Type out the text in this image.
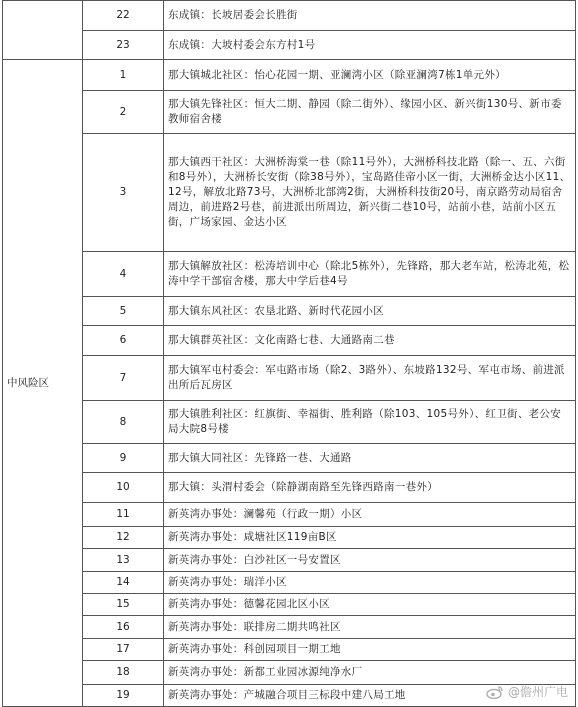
	22	东成镇：长坡居委会长胜街
	23	东成镇：大坡村委会东方村1号
中风险区	1	那大镇城北社区：怡心花园一期、亚澜湾小区（除亚澜湾7栋1单元外）
	2	那大镇先锋社区：恒大二期、静园（除二街外）、缘园小区、新兴街130号、新市委教师宿舍楼
	3	那大镇西干社区：大洲桥海棠一巷（除11号外），大洲桥科技北路（除一、五、六街和8号外），大洲桥长安街（除38号外），宝岛路佳帝小区一街，大洲桥金达小区11、12号，解放北路73号，大洲桥北部湾2街，大洲桥科技街20号，南京路劳动局宿舍周边，前进路2号巷，前进派出所周边，新兴街二巷10号，站前小巷，站前小区五街，广场家园、金达小区
	4	那大镇解放社区：松涛培训中心（除北5栋外），先锋路，那大老车站，松涛北苑，松涛中学干部宿舍楼，那大中学后巷4号
	5	那大镇东风社区：农垦北路、新时代花园小区
	6	那大镇群英社区：文化南路七巷、大通路南二巷
	7	那大镇军屯村委会：军屯路市场（除2、3路外）、东坡路132号、军屯市场、前进派出所后瓦房区
	8	那大镇胜利社区：红旗街、幸福街、胜利路（除103、105号外）、红卫街、老公安局大院8号楼
	9	那大镇大同社区：先锋路一巷、大通路
	10	那大镇：头渭村委会（除静湖南路至先锋西路南一巷外）
	11	新英湾办事处：澜馨苑（行政一期）小区
	12	新英湾办事处：咸塘社区119亩B区
	13	新英湾办事处：白沙社区一号安置区
	14	新英湾办事处：瑞洋小区
	15	新英湾办事处：德馨花园北区小区
	16	新英湾办事处：联排房二期共鸣社区
	17	新英湾办事处：科创园项目一期工地
	18	新英湾办事处：新都工业园冰源纯净水厂
	19	新英湾办事处：产城融合项目三标段中建八局工地	@儋州广电
